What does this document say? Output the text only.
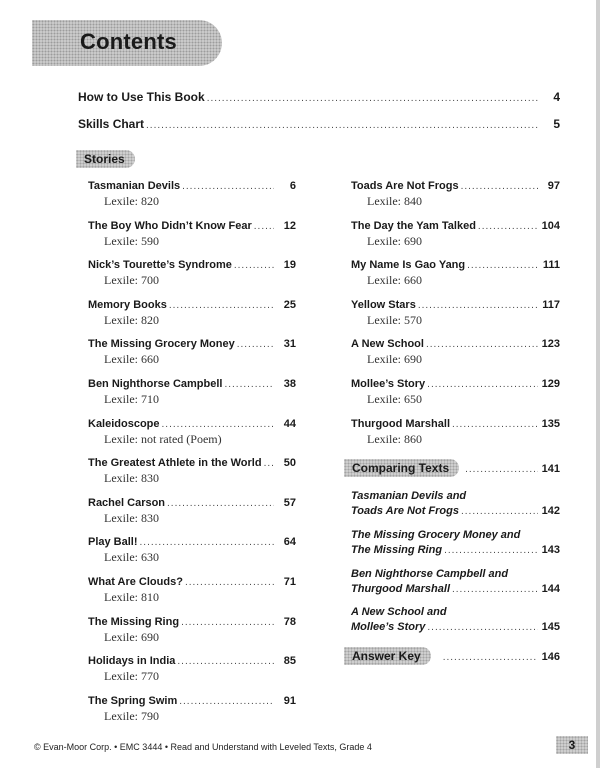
Contents
How to Use This Book .....	4
Skills Chart .....	5
Stories
Tasmanian Devils .....	6
Lexile: 820
The Boy Who Didn’t Know Fear .....	12
Lexile: 590
Nick’s Tourette’s Syndrome .....	19
Lexile: 700
Memory Books .....	25
Lexile: 820
The Missing Grocery Money .....	31
Lexile: 660
Ben Nighthorse Campbell .....	38
Lexile: 710
Kaleidoscope .....	44
Lexile: not rated (Poem)
The Greatest Athlete in the World .....	50
Lexile: 830
Rachel Carson .....	57
Lexile: 830
Play Ball! .....	64
Lexile: 630
What Are Clouds? .....	71
Lexile: 810
The Missing Ring .....	78
Lexile: 690
Holidays in India .....	85
Lexile: 770
The Spring Swim .....	91
Lexile: 790
Toads Are Not Frogs .....	97
Lexile: 840
The Day the Yam Talked .....	104
Lexile: 690
My Name Is Gao Yang .....	111
Lexile: 660
Yellow Stars .....	117
Lexile: 570
A New School .....	123
Lexile: 690
Mollee’s Story .....	129
Lexile: 650
Thurgood Marshall .....	135
Lexile: 860
Comparing Texts .....	141
Tasmanian Devils and
Toads Are Not Frogs .....	142
The Missing Grocery Money and
The Missing Ring .....	143
Ben Nighthorse Campbell and
Thurgood Marshall .....	144
A New School and
Mollee’s Story .....	145
Answer Key .....	146
© Evan-Moor Corp. • EMC 3444 • Read and Understand with Leveled Texts, Grade 4	3
